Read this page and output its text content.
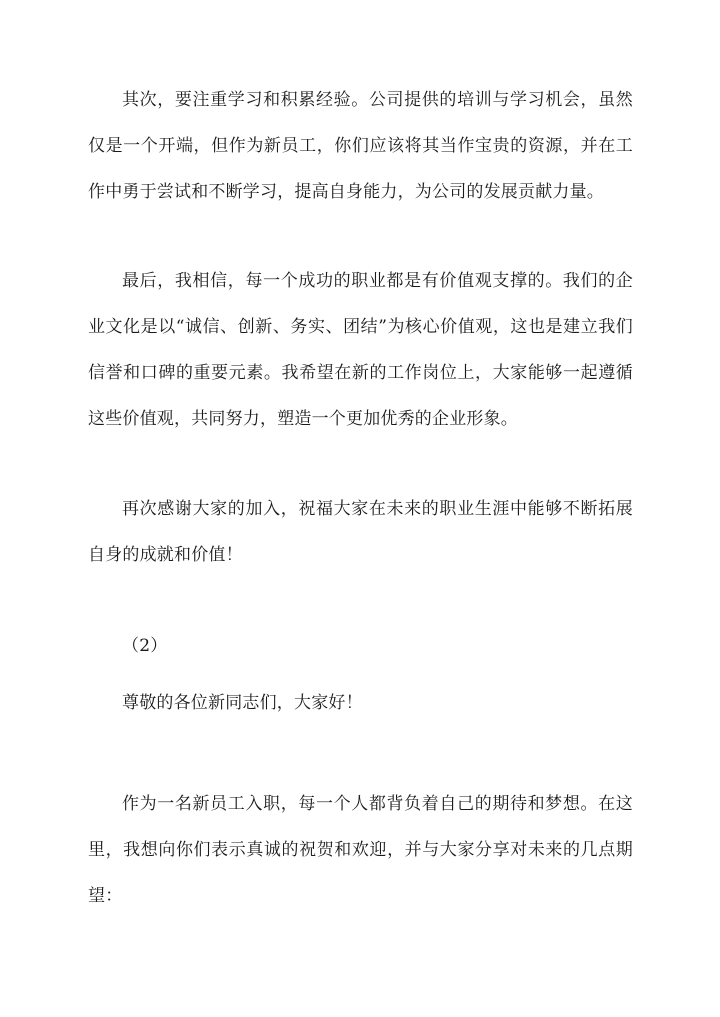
其次，要注重学习和积累经验。公司提供的培训与学习机会，虽然仅是一个开端，但作为新员工，你们应该将其当作宝贵的资源，并在工作中勇于尝试和不断学习，提高自身能力，为公司的发展贡献力量。

最后，我相信，每一个成功的职业都是有价值观支撑的。我们的企业文化是以“诚信、创新、务实、团结”为核心价值观，这也是建立我们信誉和口碑的重要元素。我希望在新的工作岗位上，大家能够一起遵循这些价值观，共同努力，塑造一个更加优秀的企业形象。

再次感谢大家的加入，祝福大家在未来的职业生涯中能够不断拓展自身的成就和价值！

（2）

尊敬的各位新同志们，大家好！

作为一名新员工入职，每一个人都背负着自己的期待和梦想。在这里，我想向你们表示真诚的祝贺和欢迎，并与大家分享对未来的几点期望：
